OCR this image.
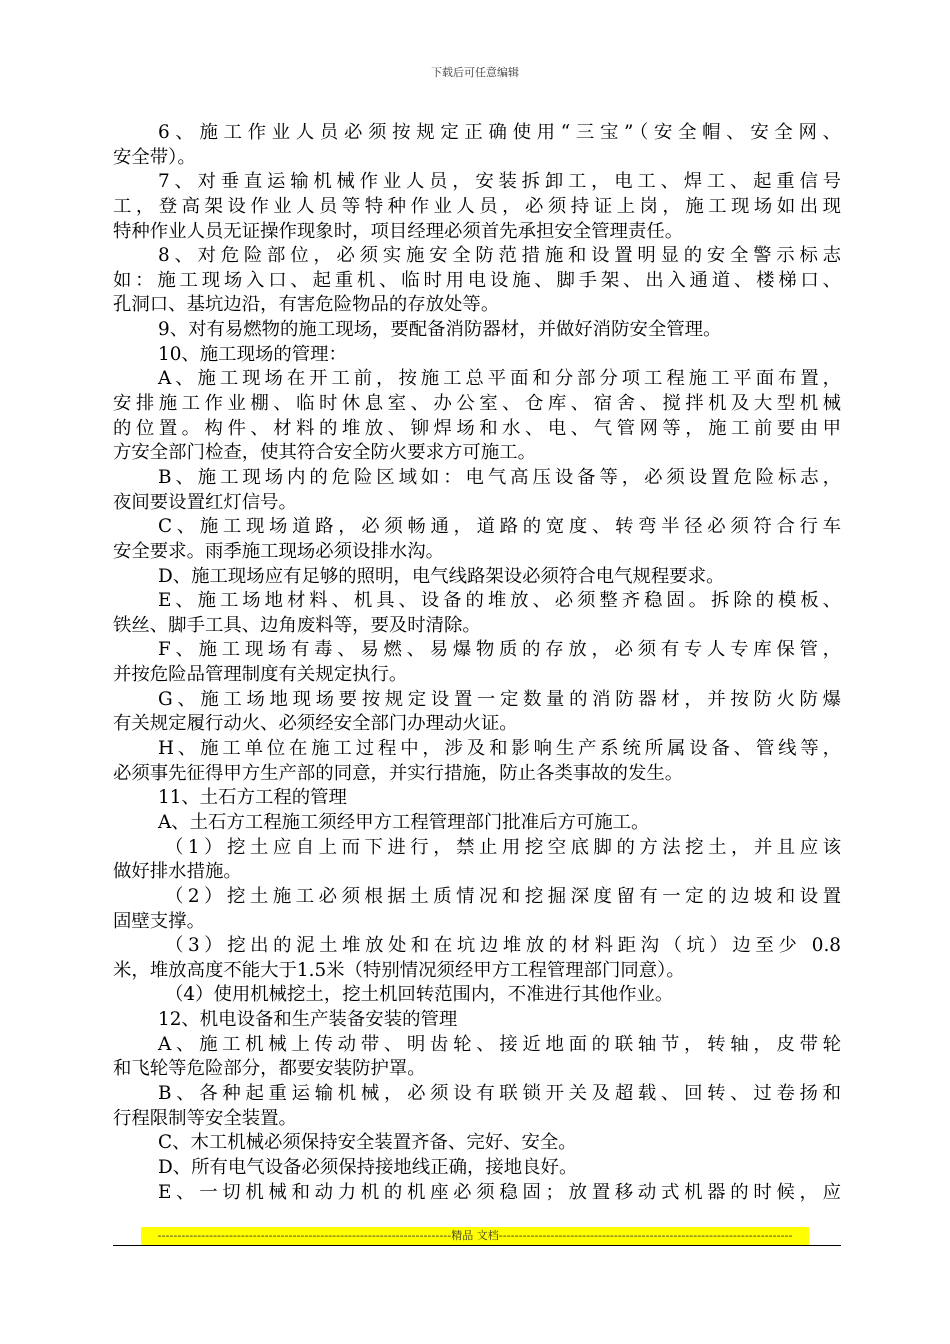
下载后可任意编辑
6、施工作业人员必须按规定正确使用“三宝”（安全帽、安全网、
安全带）。
7、对垂直运输机械作业人员，安装拆卸工，电工、焊工、起重信号
工，登高架设作业人员等特种作业人员，必须持证上岗，施工现场如出现
特种作业人员无证操作现象时，项目经理必须首先承担安全管理责任。
8、对危险部位，必须实施安全防范措施和设置明显的安全警示标志
如：施工现场入口、起重机、临时用电设施、脚手架、出入通道、楼梯口、
孔洞口、基坑边沿，有害危险物品的存放处等。
9、对有易燃物的施工现场，要配备消防器材，并做好消防安全管理。
10、施工现场的管理：
A、施工现场在开工前，按施工总平面和分部分项工程施工平面布置，
安排施工作业棚、临时休息室、办公室、仓库、宿舍、搅拌机及大型机械
的位置。构件、材料的堆放、铆焊场和水、电、气管网等，施工前要由甲
方安全部门检查，使其符合安全防火要求方可施工。
B、施工现场内的危险区域如：电气高压设备等，必须设置危险标志，
夜间要设置红灯信号。
C、施工现场道路，必须畅通，道路的宽度、转弯半径必须符合行车
安全要求。雨季施工现场必须设排水沟。
D、施工现场应有足够的照明，电气线路架设必须符合电气规程要求。
E、施工场地材料、机具、设备的堆放、必须整齐稳固。拆除的模板、
铁丝、脚手工具、边角废料等，要及时清除。
F、施工现场有毒、易燃、易爆物质的存放，必须有专人专库保管，
并按危险品管理制度有关规定执行。
G、施工场地现场要按规定设置一定数量的消防器材，并按防火防爆
有关规定履行动火、必须经安全部门办理动火证。
H、施工单位在施工过程中，涉及和影响生产系统所属设备、管线等，
必须事先征得甲方生产部的同意，并实行措施，防止各类事故的发生。
11、土石方工程的管理
A、土石方工程施工须经甲方工程管理部门批准后方可施工。
（1）挖土应自上而下进行，禁止用挖空底脚的方法挖土，并且应该
做好排水措施。
（2）挖土施工必须根据土质情况和挖掘深度留有一定的边坡和设置
固壁支撑。
（3）挖出的泥土堆放处和在坑边堆放的材料距沟（坑）边至少 0.8
米，堆放高度不能大于1.5米（特别情况须经甲方工程管理部门同意）。
（4）使用机械挖土，挖土机回转范围内，不准进行其他作业。
12、机电设备和生产装备安装的管理
A、施工机械上传动带、明齿轮、接近地面的联轴节，转轴，皮带轮
和飞轮等危险部分，都要安装防护罩。
B、各种起重运输机械，必须设有联锁开关及超载、回转、过卷扬和
行程限制等安全装置。
C、木工机械必须保持安全装置齐备、完好、安全。
D、所有电气设备必须保持接地线正确，接地良好。
E、一切机械和动力机的机座必须稳固；放置移动式机器的时候，应
--------------------------------------------------------------------------精品 文档--------------------------------------------------------------------------
